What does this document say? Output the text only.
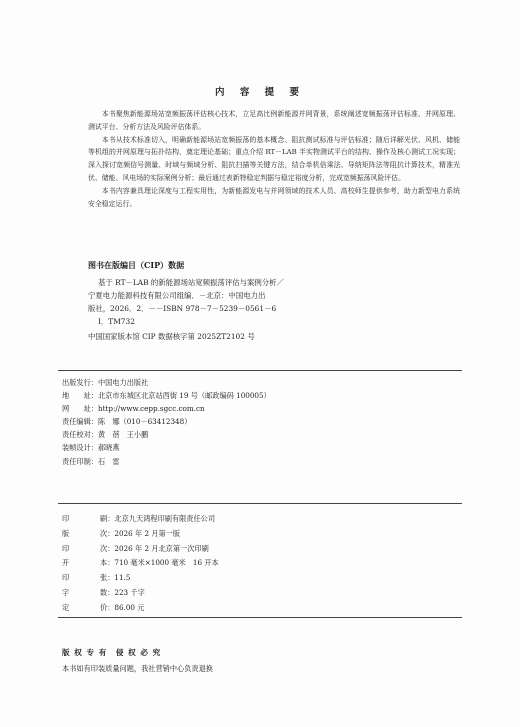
内 容 提 要

本书聚焦新能源场站宽频振荡评估核心技术，立足高比例新能源并网背景，系统阐述宽频振荡评估标准、并网原理、测试平台、分析方法及风险评估体系。

本书从技术标准切入，明确新能源场站宽频振荡的基本概念、阻抗测试标准与评估标准；随后详解光伏、风机、储能等机组的并网原理与拓扑结构，奠定理论基础；重点介绍 RT－LAB 半实物测试平台的结构、操作及核心测试工况实现；深入探讨宽频信号测量、时域与频域分析、阻抗扫描等关键方法，结合单机倍乘法、导纳矩阵法等阻抗计算技术，精准光伏、储能、风电场的实际案例分析；最后通过表新特稳定判据与稳定裕度分析，完成宽频振荡风险评估。

本书内容兼具理论深度与工程实用性，为新能源发电与并网领域的技术人员、高校师生提供参考，助力新型电力系统安全稳定运行。

图书在版编目（CIP）数据
基于 RT－LAB 的新能源场站宽频振荡评估与案例分析／
宁夏电力能源科技有限公司组编．－北京：中国电力出
版社，2026．2．－－ISBN 978－7－5239－0561－6
Ⅰ．TM732
中国国家版本馆 CIP 数据核字第 2025ZT2102 号
出版发行：中国电力出版社
地　　址：北京市东城区北京站西街 19 号（邮政编码 100005）
网　　址：http://www.cepp.sgcc.com.cn
责任编辑：陈　娜（010－63412348）
责任校对：黄　蓓　王小鹏
装帧设计：郝晓燕
责任印制：石　雷
印	刷：北京九天鸿程印刷有限责任公司
版	次：2026 年 2 月第一版
印	次：2026 年 2 月北京第一次印刷
开	本：710 毫米×1000 毫米　16 开本
印	张：11.5
字	数：223 千字
定	价：86.00 元
版 权 专 有　侵 权 必 究
本书如有印装质量问题，我社营销中心负责退换
